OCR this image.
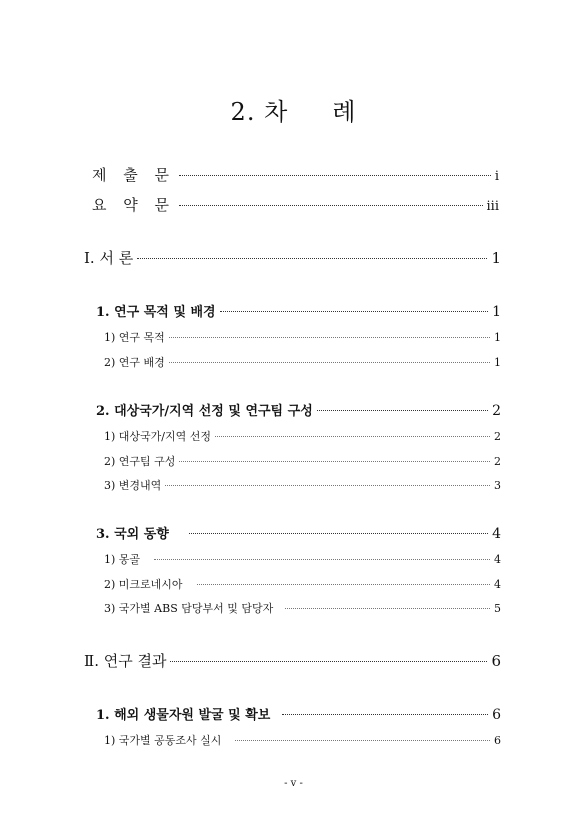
2. 차 례
제 출 문	i
요 약 문	iii
I. 서 론	1
1. 연구 목적 및 배경	1
1) 연구 목적	1
2) 연구 배경	1
2. 대상국가/지역 선정 및 연구팀 구성	2
1) 대상국가/지역 선정	2
2) 연구팀 구성	2
3) 변경내역	3
3. 국외 동향	4
1) 몽골	4
2) 미크로네시아	4
3) 국가별 ABS 담당부서 및 담당자	5
Ⅱ. 연구 결과	6
1. 해외 생물자원 발굴 및 확보	6
1) 국가별 공동조사 실시	6
- v -
